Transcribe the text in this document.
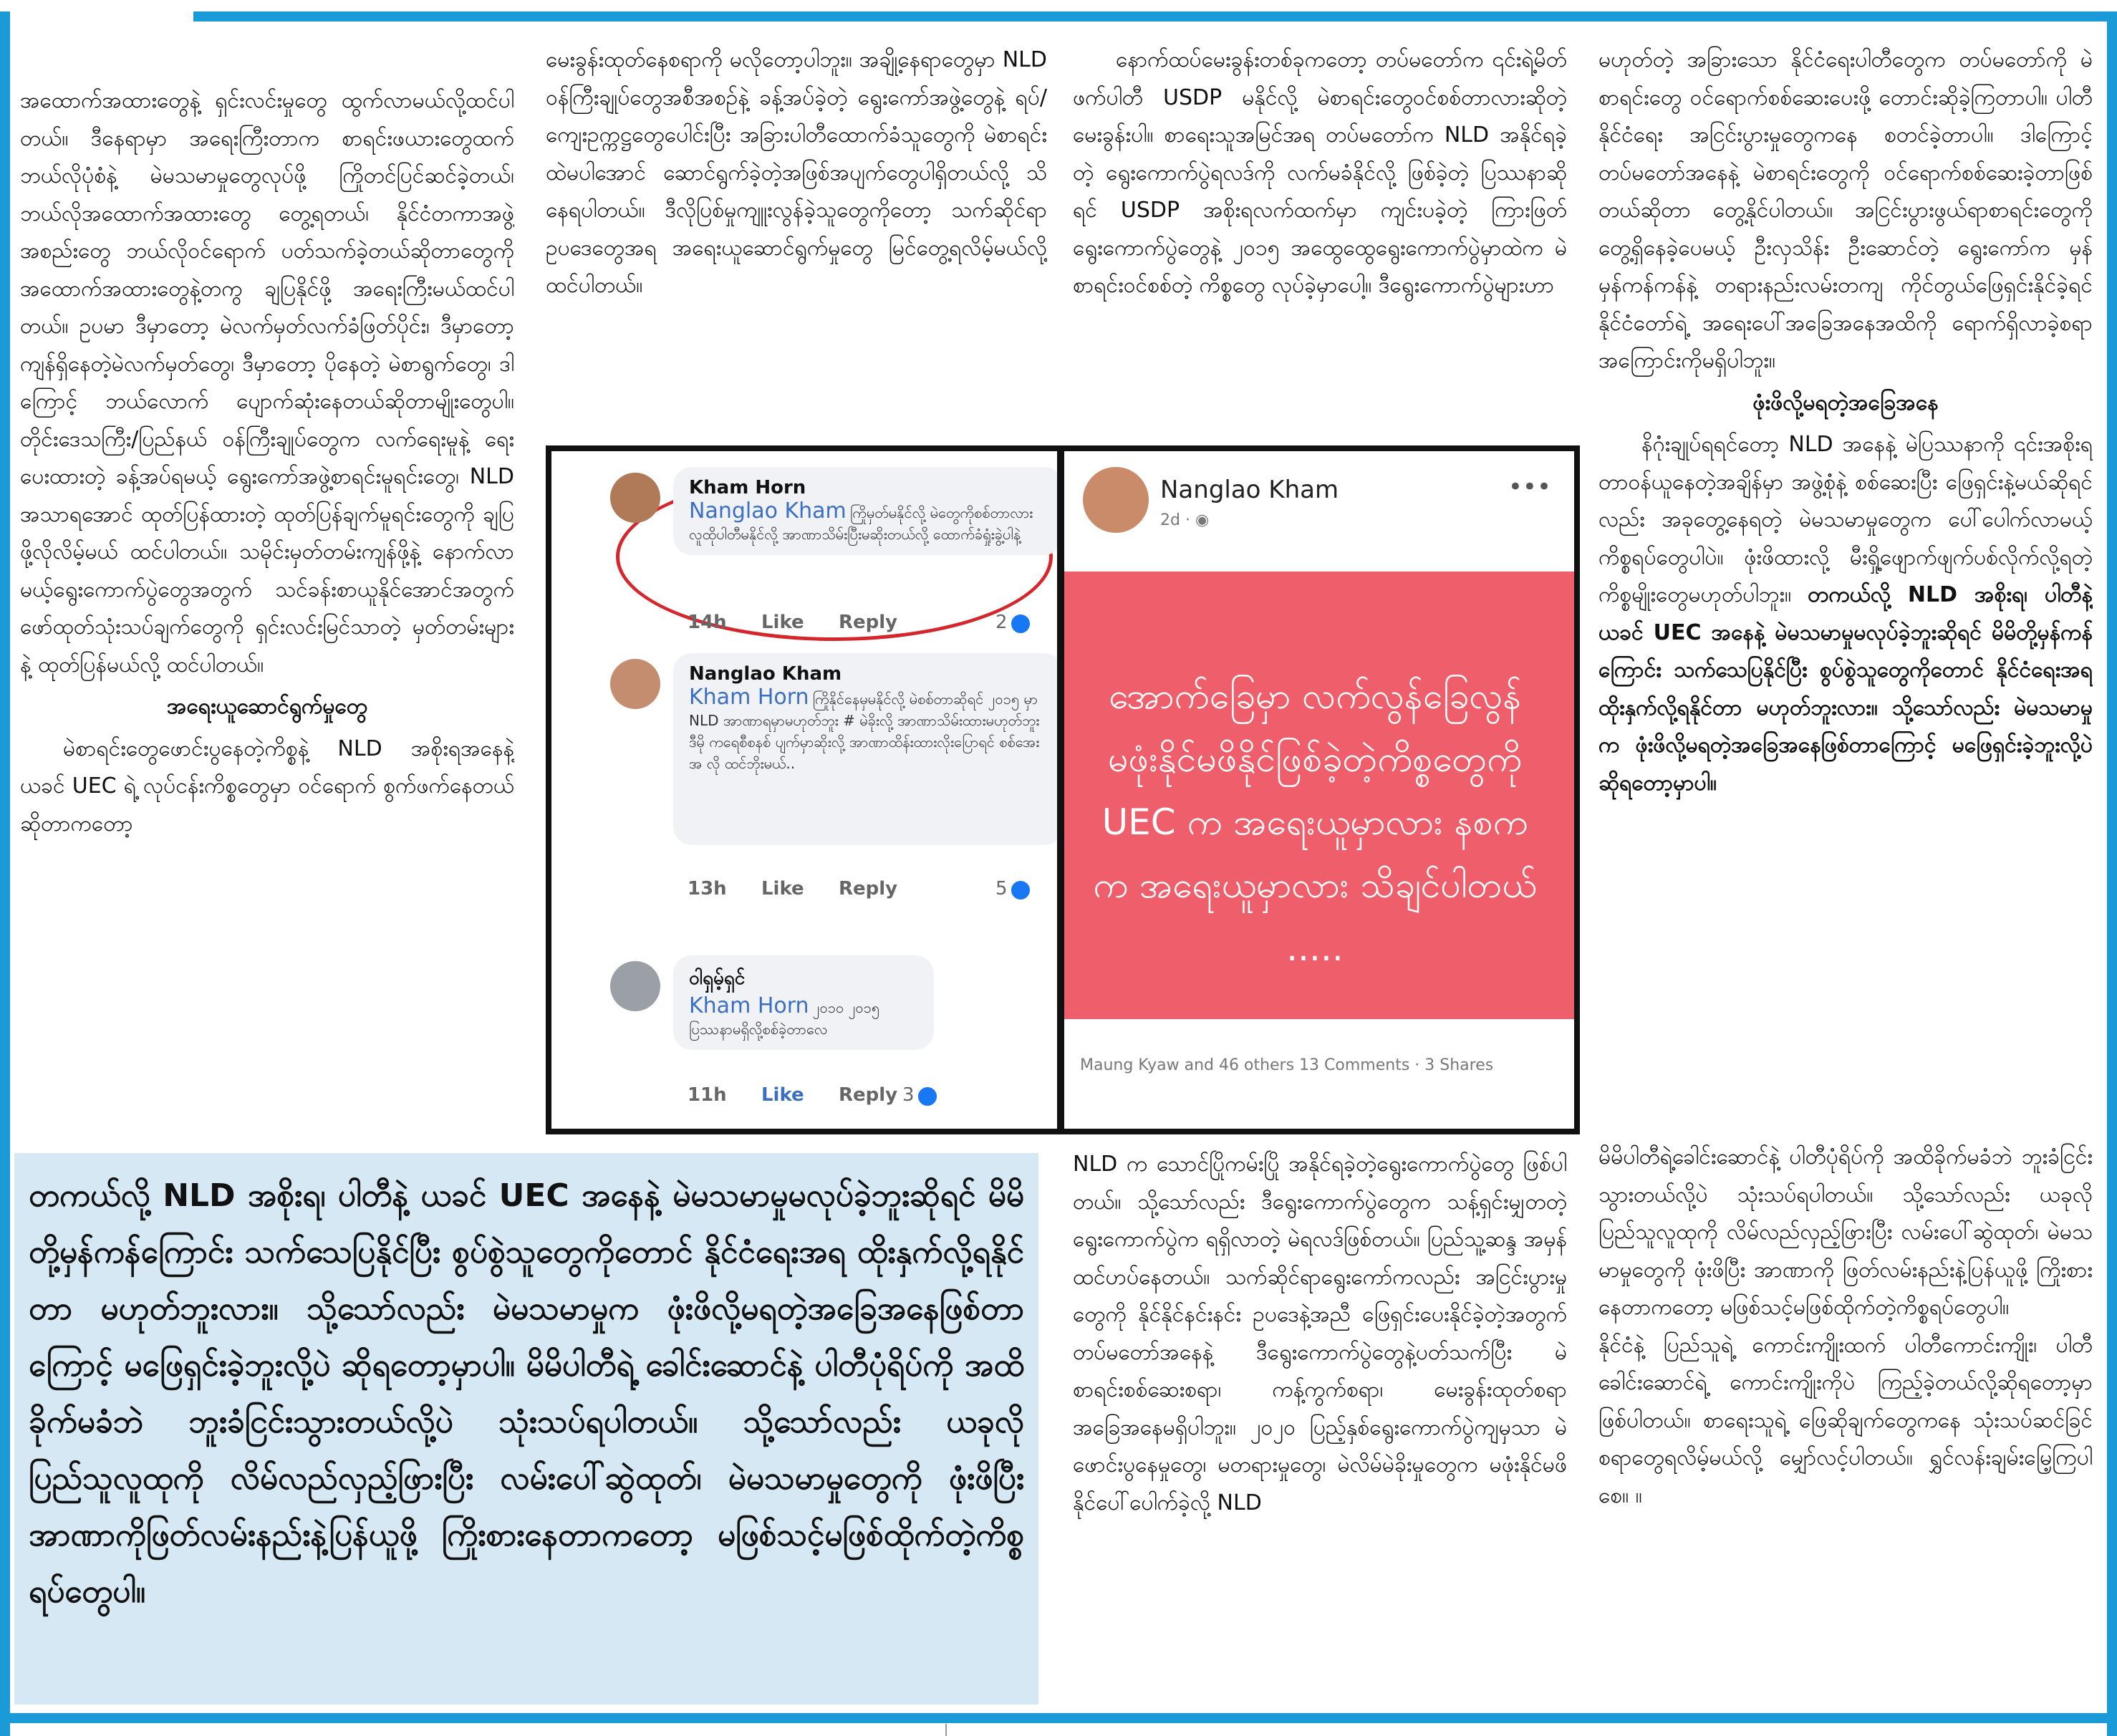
အထောက်အထားတွေနဲ့ ရှင်းလင်းမှုတွေ ထွက်လာမယ်လို့ထင်ပါတယ်။ ဒီနေရာမှာ အရေးကြီးတာက စာရင်းဖယားတွေထက် ဘယ်လိုပုံစံနဲ့ မဲမသမာမှုတွေလုပ်ဖို့ ကြိုတင်ပြင်ဆင်ခဲ့တယ်၊ ဘယ်လိုအထောက်အထားတွေ တွေ့ရတယ်၊ နိုင်ငံတကာအဖွဲ့အစည်းတွေ ဘယ်လိုဝင်ရောက် ပတ်သက်ခဲ့တယ်ဆိုတာတွေကို အထောက်အထားတွေနဲ့တကွ ချပြနိုင်ဖို့ အရေးကြီးမယ်ထင်ပါတယ်။ ဥပမာ ဒီမှာတော့ မဲလက်မှတ်လက်ခံဖြတ်ပိုင်း၊ ဒီမှာတော့ ကျန်ရှိနေတဲ့မဲလက်မှတ်တွေ၊ ဒီမှာတော့ ပိုနေတဲ့ မဲစာရွက်တွေ၊ ဒါကြောင့် ဘယ်လောက် ပျောက်ဆုံးနေတယ်ဆိုတာမျိုးတွေပါ။ တိုင်းဒေသကြီး/ပြည်နယ် ဝန်ကြီးချုပ်တွေက လက်ရေးမူနဲ့ ရေးပေးထားတဲ့ ခန့်အပ်ရမယ့် ရွေးကော်အဖွဲ့စာရင်းမူရင်းတွေ၊ NLD အသာရအောင် ထုတ်ပြန်ထားတဲ့ ထုတ်ပြန်ချက်မူရင်းတွေကို ချပြဖို့လိုလိမ့်မယ် ထင်ပါတယ်။ သမိုင်းမှတ်တမ်းကျန်ဖို့နဲ့ နောက်လာမယ့်ရွေးကောက်ပွဲတွေအတွက် သင်ခန်းစာယူနိုင်အောင်အတွက် ဖော်ထုတ်သုံးသပ်ချက်တွေကို ရှင်းလင်းမြင်သာတဲ့ မှတ်တမ်းများနဲ့ ထုတ်ပြန်မယ်လို့ ထင်ပါတယ်။

အရေးယူဆောင်ရွက်မှုတွေ

မဲစာရင်းတွေဖောင်းပွနေတဲ့ကိစ္စနဲ့ NLD အစိုးရအနေနဲ့ ယခင် UEC ရဲ့ လုပ်ငန်းကိစ္စတွေမှာ ဝင်ရောက် စွက်ဖက်နေတယ်ဆိုတာကတော့

မေးခွန်းထုတ်နေစရာကို မလိုတော့ပါဘူး။ အချို့နေရာတွေမှာ NLD ဝန်ကြီးချုပ်တွေအစီအစဉ်နဲ့ ခန့်အပ်ခဲ့တဲ့ ရွေးကော်အဖွဲ့တွေနဲ့ ရပ်/ကျေးဥက္ကဋ္ဌတွေပေါင်းပြီး အခြားပါတီထောက်ခံသူတွေကို မဲစာရင်းထဲမပါအောင် ဆောင်ရွက်ခဲ့တဲ့အဖြစ်အပျက်တွေပါရှိတယ်လို့ သိနေရပါတယ်။ ဒီလိုပြစ်မှုကျူးလွန်ခဲ့သူတွေကိုတော့ သက်ဆိုင်ရာဥပဒေတွေအရ အရေးယူဆောင်ရွက်မှုတွေ မြင်တွေ့ရလိမ့်မယ်လို့ ထင်ပါတယ်။

နောက်ထပ်မေးခွန်းတစ်ခုကတော့ တပ်မတော်က ၎င်းရဲ့မိတ်ဖက်ပါတီ USDP မနိုင်လို့ မဲစာရင်းတွေဝင်စစ်တာလားဆိုတဲ့ မေးခွန်းပါ။ စာရေးသူအမြင်အရ တပ်မတော်က NLD အနိုင်ရခဲ့တဲ့ ရွေးကောက်ပွဲရလဒ်ကို လက်မခံနိုင်လို့ ဖြစ်ခဲ့တဲ့ ပြဿနာဆိုရင် USDP အစိုးရလက်ထက်မှာ ကျင်းပခဲ့တဲ့ ကြားဖြတ်ရွေးကောက်ပွဲတွေနဲ့ ၂၀၁၅ အထွေထွေရွေးကောက်ပွဲမှာထဲက မဲစာရင်းဝင်စစ်တဲ့ ကိစ္စတွေ လုပ်ခဲ့မှာပေါ့။ ဒီရွေးကောက်ပွဲများဟာ

မဟုတ်တဲ့ အခြားသော နိုင်ငံရေးပါတီတွေက တပ်မတော်ကို မဲစာရင်းတွေ ဝင်ရောက်စစ်ဆေးပေးဖို့ တောင်းဆိုခဲ့ကြတာပါ။ ပါတီနိုင်ငံရေး အငြင်းပွားမှုတွေကနေ စတင်ခဲ့တာပါ။ ဒါကြောင့် တပ်မတော်အနေနဲ့ မဲစာရင်းတွေကို ဝင်ရောက်စစ်ဆေးခဲ့တာဖြစ်တယ်ဆိုတာ တွေ့နိုင်ပါတယ်။ အငြင်းပွားဖွယ်ရာစာရင်းတွေကို တွေ့ရှိနေခဲ့ပေမယ့် ဦးလှသိန်း ဦးဆောင်တဲ့ ရွေးကော်က မှန်မှန်ကန်ကန်နဲ့ တရားနည်းလမ်းတကျ ကိုင်တွယ်ဖြေရှင်းနိုင်ခဲ့ရင် နိုင်ငံတော်ရဲ့ အရေးပေါ်အခြေအနေအထိကို ရောက်ရှိလာခဲ့စရာ အကြောင်းကိုမရှိပါဘူး။

ဖုံးဖိလို့မရတဲ့အခြေအနေ

နိဂုံးချုပ်ရရင်တော့ NLD အနေနဲ့ မဲပြဿနာကို ၎င်းအစိုးရ တာဝန်ယူနေတဲ့အချိန်မှာ အဖွဲ့စုံနဲ့ စစ်ဆေးပြီး ဖြေရှင်းနဲ့မယ်ဆိုရင်လည်း အခုတွေ့နေရတဲ့ မဲမသမာမှုတွေက ပေါ်ပေါက်လာမယ့် ကိစ္စရပ်တွေပါပဲ။ ဖုံးဖိထားလို့ မီးရှို့ဖျောက်ဖျက်ပစ်လိုက်လို့ရတဲ့ ကိစ္စမျိုးတွေမဟုတ်ပါဘူး။ တကယ်လို့ NLD အစိုးရ၊ ပါတီနဲ့ ယခင် UEC အနေနဲ့ မဲမသမာမှုမလုပ်ခဲ့ဘူးဆိုရင် မိမိတို့မှန်ကန်ကြောင်း သက်သေပြနိုင်ပြီး စွပ်စွဲသူတွေကိုတောင် နိုင်ငံရေးအရ ထိုးနှက်လို့ရနိုင်တာ မဟုတ်ဘူးလား။ သို့သော်လည်း မဲမသမာမှုက ဖုံးဖိလို့မရတဲ့အခြေအနေဖြစ်တာကြောင့် မဖြေရှင်းခဲ့ဘူးလို့ပဲ ဆိုရတော့မှာပါ။

NLD က သောင်ပြိုကမ်းပြို အနိုင်ရခဲ့တဲ့ရွေးကောက်ပွဲတွေ ဖြစ်ပါတယ်။ သို့သော်လည်း ဒီရွေးကောက်ပွဲတွေက သန့်ရှင်းမျှတတဲ့ ရွေးကောက်ပွဲက ရရှိလာတဲ့ မဲရလဒ်ဖြစ်တယ်။ ပြည်သူ့ဆန္ဒ အမှန်ထင်ဟပ်နေတယ်။ သက်ဆိုင်ရာရွေးကော်ကလည်း အငြင်းပွားမှုတွေကို နိုင်နိုင်နင်းနင်း ဥပဒေနဲ့အညီ ဖြေရှင်းပေးနိုင်ခဲ့တဲ့အတွက် တပ်မတော်အနေနဲ့ ဒီရွေးကောက်ပွဲတွေနဲ့ပတ်သက်ပြီး မဲစာရင်းစစ်ဆေးစရာ၊ ကန့်ကွက်စရာ၊ မေးခွန်းထုတ်စရာ အခြေအနေမရှိပါဘူး။ ၂၀၂၀ ပြည့်နှစ်ရွေးကောက်ပွဲကျမှသာ မဲဖောင်းပွနေမှုတွေ၊ မတရားမှုတွေ၊ မဲလိမ်မဲခိုးမှုတွေက မဖုံးနိုင်မဖိနိုင်ပေါ်ပေါက်ခဲ့လို့ NLD

မိမိပါတီရဲ့ခေါင်းဆောင်နဲ့ ပါတီပုံရိပ်ကို အထိခိုက်မခံဘဲ ဘူးခံငြင်းသွားတယ်လို့ပဲ သုံးသပ်ရပါတယ်။ သို့သော်လည်း ယခုလို ပြည်သူလူထုကို လိမ်လည်လှည့်ဖြားပြီး လမ်းပေါ်ဆွဲထုတ်၊ မဲမသမာမှုတွေကို ဖုံးဖိပြီး အာဏာကို ဖြတ်လမ်းနည်းနဲ့ပြန်ယူဖို့ ကြိုးစားနေတာကတော့ မဖြစ်သင့်မဖြစ်ထိုက်တဲ့ကိစ္စရပ်တွေပါ။

နိုင်ငံနဲ့ ပြည်သူရဲ့ ကောင်းကျိုးထက် ပါတီကောင်းကျိုး၊ ပါတီခေါင်းဆောင်ရဲ့ ကောင်းကျိုးကိုပဲ ကြည့်ခဲ့တယ်လို့ဆိုရတော့မှာ ဖြစ်ပါတယ်။ စာရေးသူရဲ့ ဖြေဆိုချက်တွေကနေ သုံးသပ်ဆင်ခြင်စရာတွေရလိမ့်မယ်လို့ မျှော်လင့်ပါတယ်။ ရွှင်လန်းချမ်းမြေ့ကြပါစေ။ ။

Kham Horn
Nanglao Kham ကြိုမှတ်မနိုင်လို့ မဲတွေကိုစစ်တာလား လူထိုပါတီမနိုင်လို့ အာဏာသိမ်းပြီးမဆိုးတယ်လို့ ထောက်ခံရှုံးခွဲ့ပါနဲ့
14h Like Reply	2
Nanglao Kham
Kham Horn ကြိုနိုင်နေမှမနိုင်လို့ မဲစစ်တာဆိုရင် ၂၀၁၅ မှာ NLD အာဏာရမှာမဟုတ်ဘူး # မဲခိုးလို့ အာဏာသိမ်းထားမဟုတ်ဘူး ဒီမို ကရေစီစနစ် ပျက်မှာဆိုးလို့ အာဏာထိန်းထားလိုးပြောရင် စစ်အေးအ လို ထင်ဘိုးမယ်..
13h Like Reply	5
ဝါရှမ့်ရှင်
Kham Horn ၂၀၁၀ ၂၀၁၅ ပြဿနာမရှိလို့စစ်ခဲ့တာလေ
11h Like Reply 3
Nanglao Kham
2d · ◉
•••
အောက်ခြေမှာ လက်လွန်ခြေလွန် မဖုံးနိုင်မဖိနိုင်ဖြစ်ခဲ့တဲ့ကိစ္စတွေကို UEC က အရေးယူမှာလား နစက က အရေးယူမှာလား သိချင်ပါတယ် .....
Maung Kyaw and 46 others 13 Comments · 3 Shares
တကယ်လို့ NLD အစိုးရ၊ ပါတီနဲ့ ယခင် UEC အနေနဲ့ မဲမသမာမှုမလုပ်ခဲ့ဘူးဆိုရင် မိမိတို့မှန်ကန်ကြောင်း သက်သေပြနိုင်ပြီး စွပ်စွဲသူတွေကိုတောင် နိုင်ငံရေးအရ ထိုးနှက်လို့ရနိုင်တာ မဟုတ်ဘူးလား။ သို့သော်လည်း မဲမသမာမှုက ဖုံးဖိလို့မရတဲ့အခြေအနေဖြစ်တာကြောင့် မဖြေရှင်းခဲ့ဘူးလို့ပဲ ဆိုရတော့မှာပါ။ မိမိပါတီရဲ့ ခေါင်းဆောင်နဲ့ ပါတီပုံရိပ်ကို အထိခိုက်မခံဘဲ ဘူးခံငြင်းသွားတယ်လို့ပဲ သုံးသပ်ရပါတယ်။ သို့သော်လည်း ယခုလို ပြည်သူလူထုကို လိမ်လည်လှည့်ဖြားပြီး လမ်းပေါ်ဆွဲထုတ်၊ မဲမသမာမှုတွေကို ဖုံးဖိပြီး အာဏာကိုဖြတ်လမ်းနည်းနဲ့ပြန်ယူဖို့ ကြိုးစားနေတာကတော့ မဖြစ်သင့်မဖြစ်ထိုက်တဲ့ကိစ္စရပ်တွေပါ။
